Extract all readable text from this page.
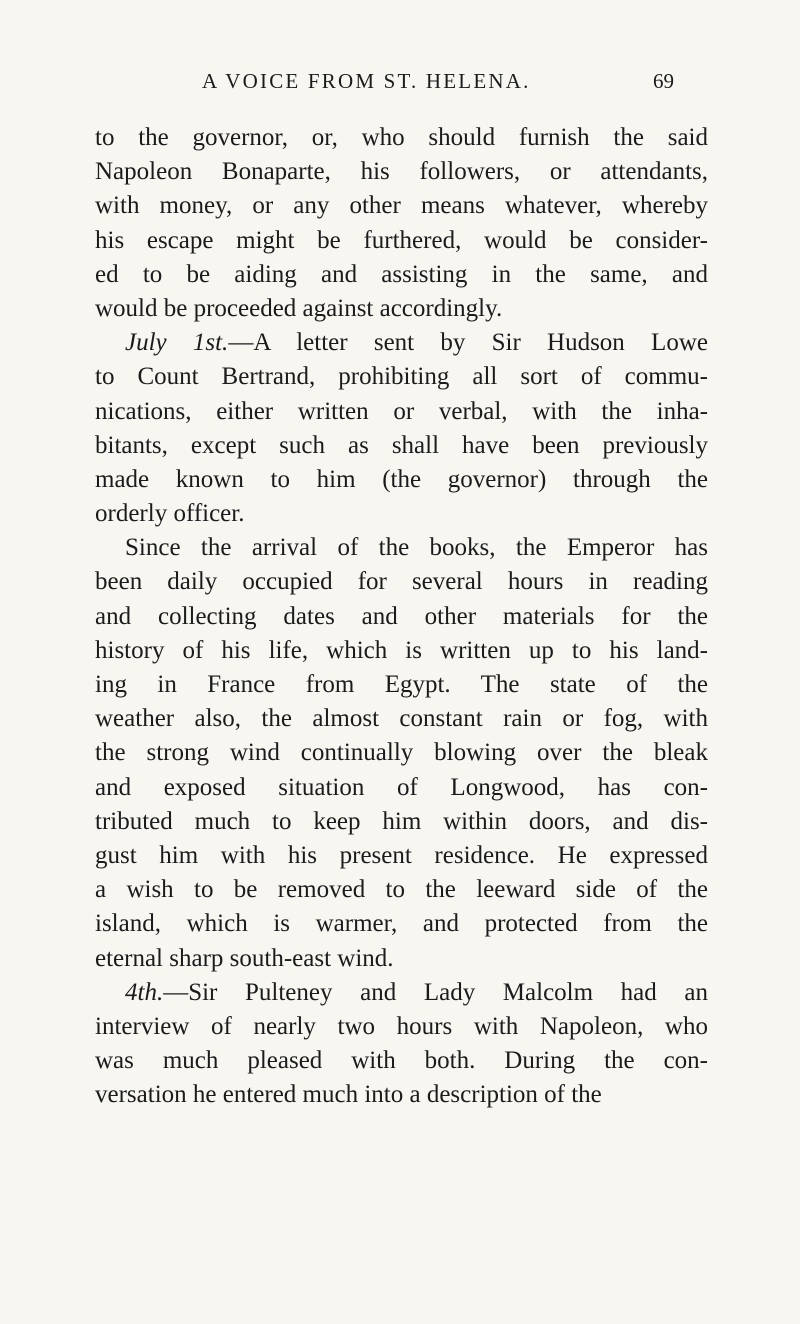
A VOICE FROM ST. HELENA.	69
to the governor, or, who should furnish the said
Napoleon Bonaparte, his followers, or attendants,
with money, or any other means whatever, whereby
his escape might be furthered, would be consider-
ed to be aiding and assisting in the same, and
would be proceeded against accordingly.
July 1st.—A letter sent by Sir Hudson Lowe
to Count Bertrand, prohibiting all sort of commu-
nications, either written or verbal, with the inha-
bitants, except such as shall have been previously
made known to him (the governor) through the
orderly officer.
Since the arrival of the books, the Emperor has
been daily occupied for several hours in reading
and collecting dates and other materials for the
history of his life, which is written up to his land-
ing in France from Egypt. The state of the
weather also, the almost constant rain or fog, with
the strong wind continually blowing over the bleak
and exposed situation of Longwood, has con-
tributed much to keep him within doors, and dis-
gust him with his present residence. He expressed
a wish to be removed to the leeward side of the
island, which is warmer, and protected from the
eternal sharp south-east wind.
4th.—Sir Pulteney and Lady Malcolm had an
interview of nearly two hours with Napoleon, who
was much pleased with both. During the con-
versation he entered much into a description of the
